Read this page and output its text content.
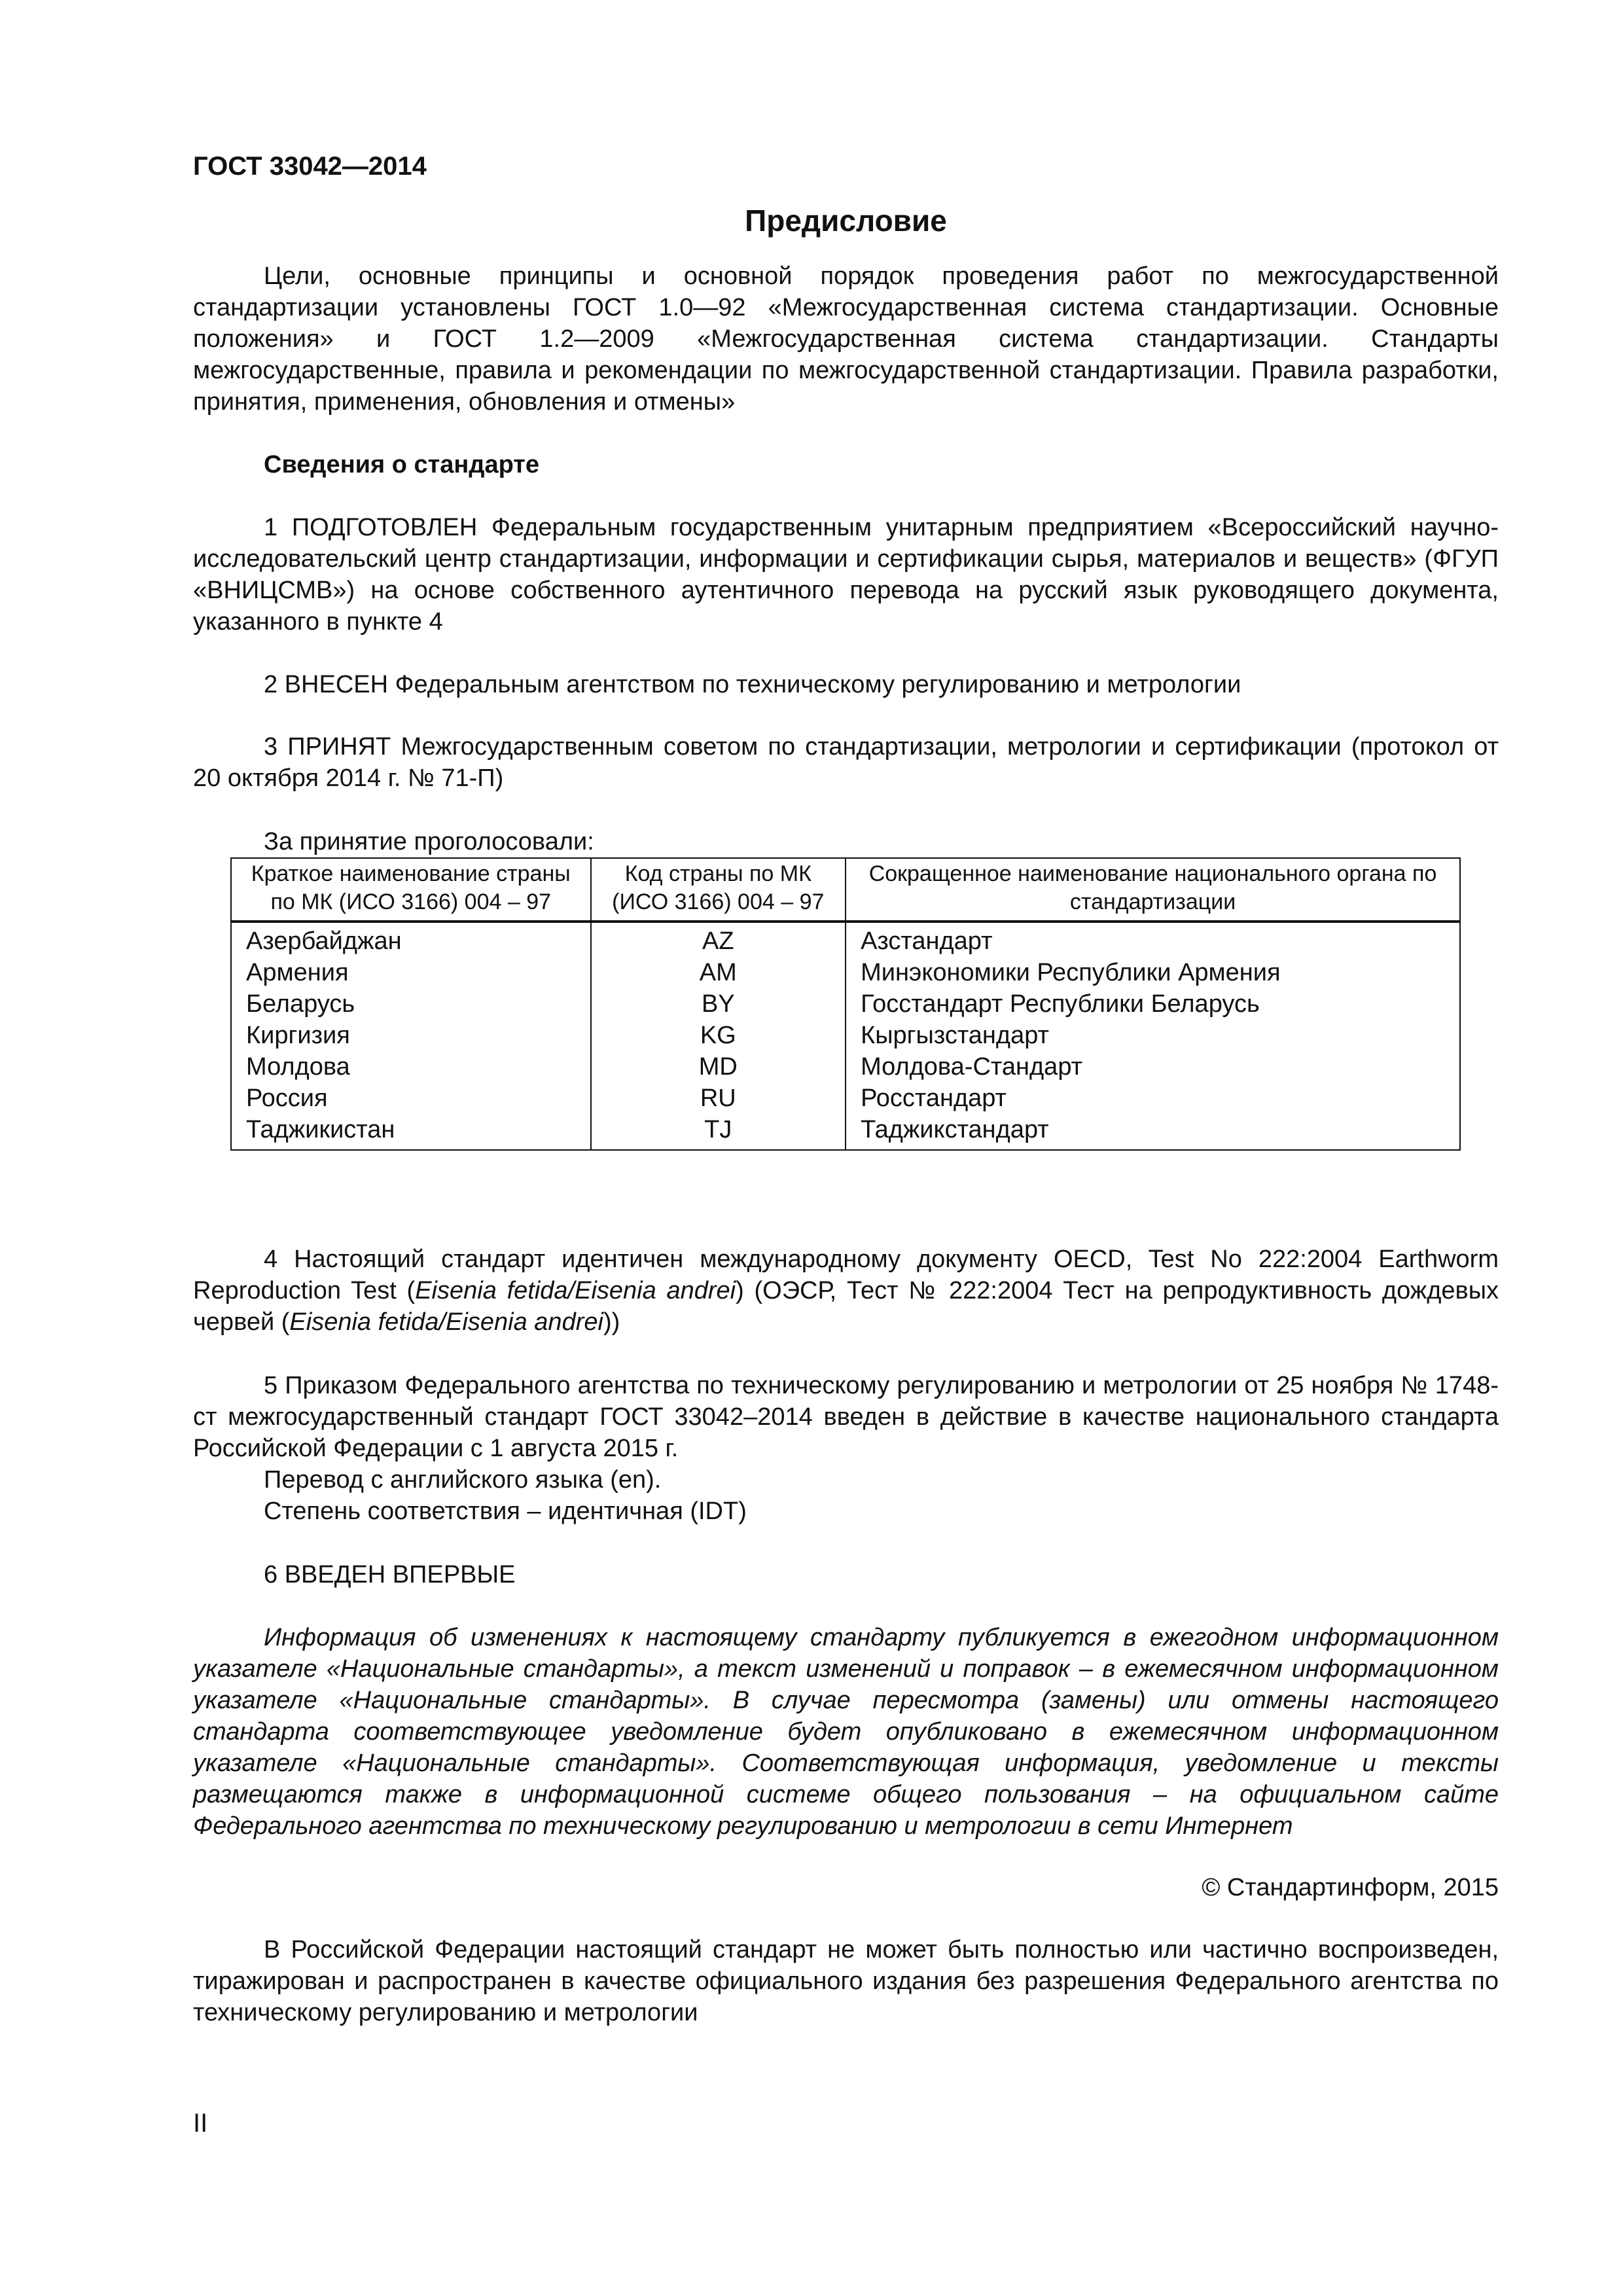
ГОСТ 33042—2014

Предисловие

Цели, основные принципы и основной порядок проведения работ по межгосударственной стандартизации установлены ГОСТ 1.0—92 «Межгосударственная система стандартизации. Основные положения» и ГОСТ 1.2—2009 «Межгосударственная система стандартизации. Стандарты межгосударственные, правила и рекомендации по межгосударственной стандартизации. Правила разработки, принятия, применения, обновления и отмены»

Сведения о стандарте

1 ПОДГОТОВЛЕН Федеральным государственным унитарным предприятием «Всероссийский научно-исследовательский центр стандартизации, информации и сертификации сырья, материалов и веществ» (ФГУП «ВНИЦСМВ») на основе собственного аутентичного перевода на русский язык руководящего документа, указанного в пункте 4

2 ВНЕСЕН Федеральным агентством по техническому регулированию и метрологии

3 ПРИНЯТ Межгосударственным советом по стандартизации, метрологии и сертификации (протокол от 20 октября 2014 г. № 71-П)

За принятие проголосовали:

Краткое наименование страны по МК (ИСО 3166) 004 – 97	Код страны по МК (ИСО 3166) 004 – 97	Сокращенное наименование национального органа по стандартизации
Азербайджан	AZ	Азстандарт
Армения	AM	Минэкономики Республики Армения
Беларусь	BY	Госстандарт Республики Беларусь
Киргизия	KG	Кыргызстандарт
Молдова	MD	Молдова-Стандарт
Россия	RU	Росстандарт
Таджикистан	TJ	Таджикстандарт

4 Настоящий стандарт идентичен международному документу OECD, Test No 222:2004 Earthworm Reproduction Test (Eisenia fetida/Eisenia andrei) (ОЭСР, Тест № 222:2004 Тест на репродуктивность дождевых червей (Eisenia fetida/Eisenia andrei))

5 Приказом Федерального агентства по техническому регулированию и метрологии от 25 ноября № 1748-ст межгосударственный стандарт ГОСТ 33042–2014 введен в действие в качестве национального стандарта Российской Федерации с 1 августа 2015 г.
Перевод с английского языка (en).
Степень соответствия – идентичная (IDT)

6 ВВЕДЕН ВПЕРВЫЕ

Информация об изменениях к настоящему стандарту публикуется в ежегодном информационном указателе «Национальные стандарты», а текст изменений и поправок – в ежемесячном информационном указателе «Национальные стандарты». В случае пересмотра (замены) или отмены настоящего стандарта соответствующее уведомление будет опубликовано в ежемесячном информационном указателе «Национальные стандарты». Соответствующая информация, уведомление и тексты размещаются также в информационной системе общего пользования – на официальном сайте Федерального агентства по техническому регулированию и метрологии в сети Интернет

© Стандартинформ, 2015

В Российской Федерации настоящий стандарт не может быть полностью или частично воспроизведен, тиражирован и распространен в качестве официального издания без разрешения Федерального агентства по техническому регулированию и метрологии

II
